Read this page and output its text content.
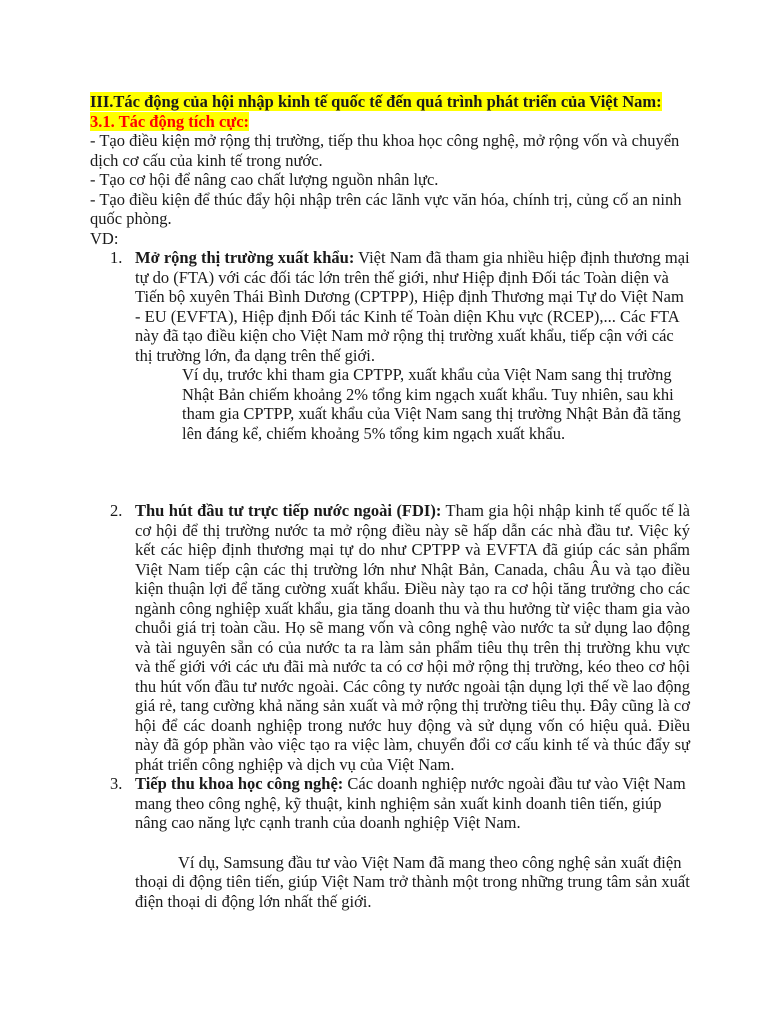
III.Tác động của hội nhập kinh tế quốc tế đến quá trình phát triển của Việt Nam:
3.1. Tác động tích cực:

- Tạo điều kiện mở rộng thị trường, tiếp thu khoa học công nghệ, mở rộng vốn và chuyển dịch cơ cấu của kinh tế trong nước.

- Tạo cơ hội để nâng cao chất lượng nguồn nhân lực.

- Tạo điều kiện để thúc đẩy hội nhập trên các lãnh vực văn hóa, chính trị, củng cố an ninh quốc phòng.

VD:

1. Mở rộng thị trường xuất khẩu: Việt Nam đã tham gia nhiều hiệp định thương mại tự do (FTA) với các đối tác lớn trên thế giới, như Hiệp định Đối tác Toàn diện và Tiến bộ xuyên Thái Bình Dương (CPTPP), Hiệp định Thương mại Tự do Việt Nam - EU (EVFTA), Hiệp định Đối tác Kinh tế Toàn diện Khu vực (RCEP),... Các FTA này đã tạo điều kiện cho Việt Nam mở rộng thị trường xuất khẩu, tiếp cận với các thị trường lớn, đa dạng trên thế giới.
Ví dụ, trước khi tham gia CPTPP, xuất khẩu của Việt Nam sang thị trường Nhật Bản chiếm khoảng 2% tổng kim ngạch xuất khẩu. Tuy nhiên, sau khi tham gia CPTPP, xuất khẩu của Việt Nam sang thị trường Nhật Bản đã tăng lên đáng kể, chiếm khoảng 5% tổng kim ngạch xuất khẩu.
2. Thu hút đầu tư trực tiếp nước ngoài (FDI): Tham gia hội nhập kinh tế quốc tế là cơ hội để thị trường nước ta mở rộng điều này sẽ hấp dẫn các nhà đầu tư. Việc ký kết các hiệp định thương mại tự do như CPTPP và EVFTA đã giúp các sản phẩm Việt Nam tiếp cận các thị trường lớn như Nhật Bản, Canada, châu Âu và tạo điều kiện thuận lợi để tăng cường xuất khẩu. Điều này tạo ra cơ hội tăng trưởng cho các ngành công nghiệp xuất khẩu, gia tăng doanh thu và thu hưởng từ việc tham gia vào chuỗi giá trị toàn cầu. Họ sẽ mang vốn và công nghệ vào nước ta sử dụng lao động và tài nguyên sẵn có của nước ta ra làm sản phẩm tiêu thụ trên thị trường khu vực và thế giới với các ưu đãi mà nước ta có cơ hội mở rộng thị trường, kéo theo cơ hội thu hút vốn đầu tư nước ngoài. Các công ty nước ngoài tận dụng lợi thế về lao động giá rẻ, tang cường khả năng sản xuất và mở rộng thị trường tiêu thụ. Đây cũng là cơ hội để các doanh nghiệp trong nước huy động và sử dụng vốn có hiệu quả. Điều này đã góp phần vào việc tạo ra việc làm, chuyển đổi cơ cấu kinh tế và thúc đẩy sự phát triển công nghiệp và dịch vụ của Việt Nam.
3. Tiếp thu khoa học công nghệ: Các doanh nghiệp nước ngoài đầu tư vào Việt Nam mang theo công nghệ, kỹ thuật, kinh nghiệm sản xuất kinh doanh tiên tiến, giúp nâng cao năng lực cạnh tranh của doanh nghiệp Việt Nam.
Ví dụ, Samsung đầu tư vào Việt Nam đã mang theo công nghệ sản xuất điện thoại di động tiên tiến, giúp Việt Nam trở thành một trong những trung tâm sản xuất điện thoại di động lớn nhất thế giới.
